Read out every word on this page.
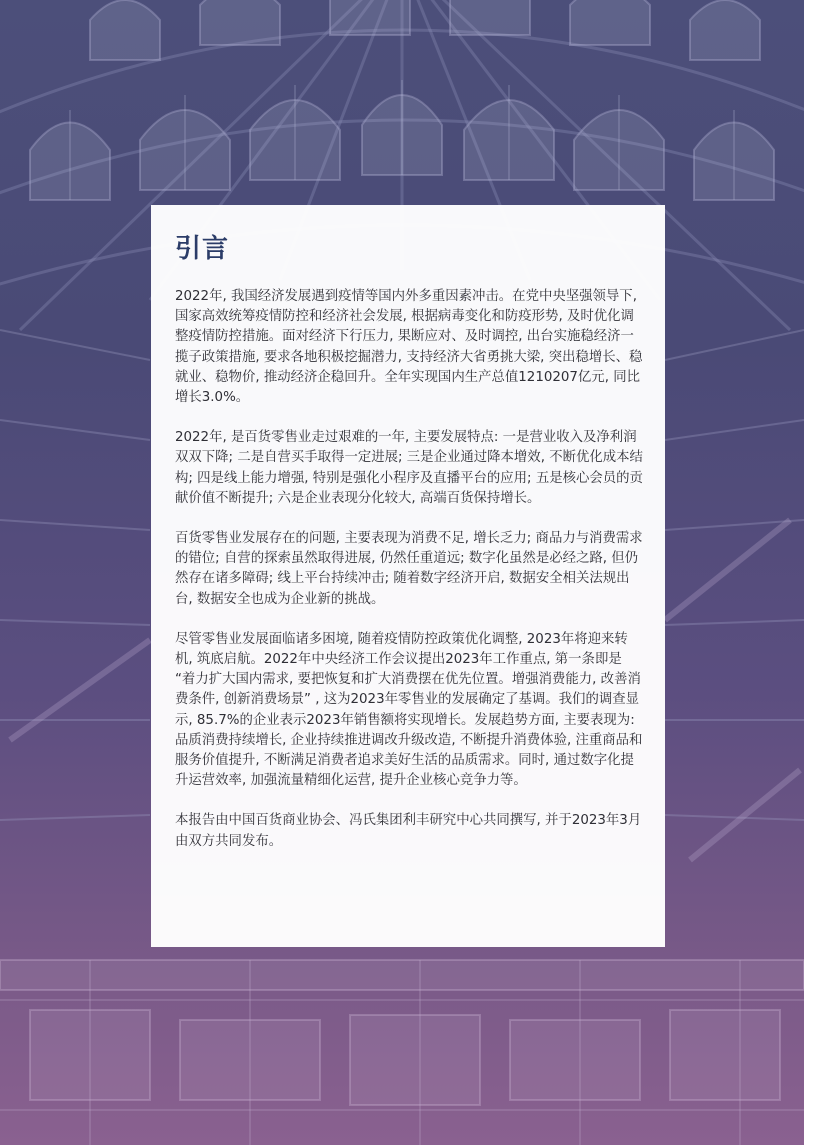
引言

2022年, 我国经济发展遇到疫情等国内外多重因素冲击。在党中央坚强领导下, 国家高效统筹疫情防控和经济社会发展, 根据病毒变化和防疫形势, 及时优化调整疫情防控措施。面对经济下行压力, 果断应对、及时调控, 出台实施稳经济一揽子政策措施, 要求各地积极挖掘潜力, 支持经济大省勇挑大梁, 突出稳增长、稳就业、稳物价, 推动经济企稳回升。全年实现国内生产总值1210207亿元, 同比增长3.0%。

2022年, 是百货零售业走过艰难的一年, 主要发展特点: 一是营业收入及净利润双双下降; 二是自营买手取得一定进展; 三是企业通过降本增效, 不断优化成本结构; 四是线上能力增强, 特别是强化小程序及直播平台的应用; 五是核心会员的贡献价值不断提升; 六是企业表现分化较大, 高端百货保持增长。

百货零售业发展存在的问题, 主要表现为消费不足, 增长乏力; 商品力与消费需求的错位; 自营的探索虽然取得进展, 仍然任重道远; 数字化虽然是必经之路, 但仍然存在诸多障碍; 线上平台持续冲击; 随着数字经济开启, 数据安全相关法规出台, 数据安全也成为企业新的挑战。

尽管零售业发展面临诸多困境, 随着疫情防控政策优化调整, 2023年将迎来转机, 筑底启航。2022年中央经济工作会议提出2023年工作重点, 第一条即是 “着力扩大国内需求, 要把恢复和扩大消费摆在优先位置。增强消费能力, 改善消费条件, 创新消费场景” , 这为2023年零售业的发展确定了基调。我们的调查显示, 85.7%的企业表示2023年销售额将实现增长。发展趋势方面, 主要表现为: 品质消费持续增长, 企业持续推进调改升级改造, 不断提升消费体验, 注重商品和服务价值提升, 不断满足消费者追求美好生活的品质需求。同时, 通过数字化提升运营效率, 加强流量精细化运营, 提升企业核心竞争力等。

本报告由中国百货商业协会、冯氏集团利丰研究中心共同撰写, 并于2023年3月由双方共同发布。
